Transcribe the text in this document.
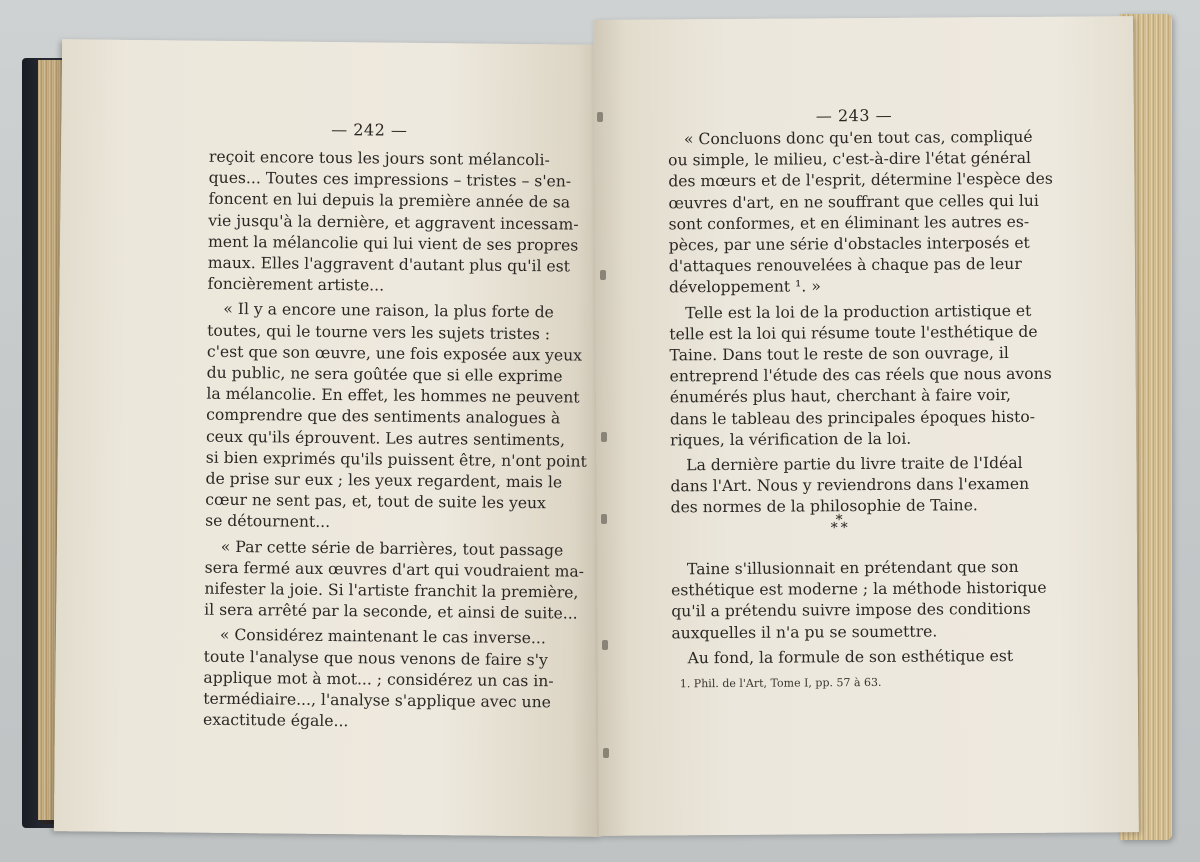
— 242 —
reçoit encore tous les jours sont mélancoli-
ques... Toutes ces impressions – tristes – s'en-
foncent en lui depuis la première année de sa
vie jusqu'à la dernière, et aggravent incessam-
ment la mélancolie qui lui vient de ses propres
maux. Elles l'aggravent d'autant plus qu'il est
foncièrement artiste...
« Il y a encore une raison, la plus forte de
toutes, qui le tourne vers les sujets tristes :
c'est que son œuvre, une fois exposée aux yeux
du public, ne sera goûtée que si elle exprime
la mélancolie. En effet, les hommes ne peuvent
comprendre que des sentiments analogues à
ceux qu'ils éprouvent. Les autres sentiments,
si bien exprimés qu'ils puissent être, n'ont point
de prise sur eux ; les yeux regardent, mais le
cœur ne sent pas, et, tout de suite les yeux
se détournent...
« Par cette série de barrières, tout passage
sera fermé aux œuvres d'art qui voudraient ma-
nifester la joie. Si l'artiste franchit la première,
il sera arrêté par la seconde, et ainsi de suite...
« Considérez maintenant le cas inverse...
toute l'analyse que nous venons de faire s'y
applique mot à mot... ; considérez un cas in-
termédiaire..., l'analyse s'applique avec une
exactitude égale...
— 243 —
« Concluons donc qu'en tout cas, compliqué
ou simple, le milieu, c'est-à-dire l'état général
des mœurs et de l'esprit, détermine l'espèce des
œuvres d'art, en ne souffrant que celles qui lui
sont conformes, et en éliminant les autres es-
pèces, par une série d'obstacles interposés et
d'attaques renouvelées à chaque pas de leur
développement ¹. »
Telle est la loi de la production artistique et
telle est la loi qui résume toute l'esthétique de
Taine. Dans tout le reste de son ouvrage, il
entreprend l'étude des cas réels que nous avons
énumérés plus haut, cherchant à faire voir,
dans le tableau des principales époques histo-
riques, la vérification de la loi.
La dernière partie du livre traite de l'Idéal
dans l'Art. Nous y reviendrons dans l'examen
des normes de la philosophie de Taine.
*
*
*
Taine s'illusionnait en prétendant que son
esthétique est moderne ; la méthode historique
qu'il a prétendu suivre impose des conditions
auxquelles il n'a pu se soumettre.
Au fond, la formule de son esthétique est
1. Phil. de l'Art, Tome I, pp. 57 à 63.
